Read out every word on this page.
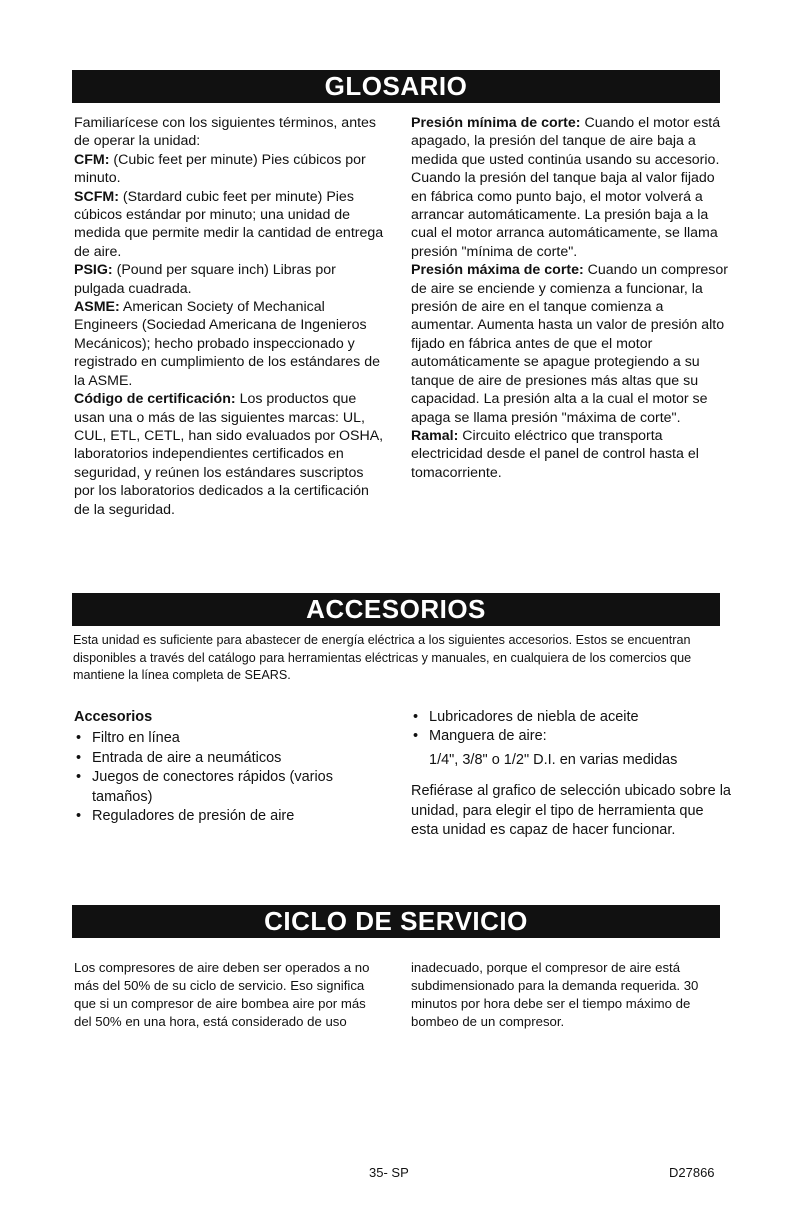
GLOSARIO

Familiarícese con los siguientes términos, antes de operar la unidad:

CFM: (Cubic feet per minute) Pies cúbicos por minuto.

SCFM: (Stardard cubic feet per minute) Pies cúbicos estándar por minuto; una unidad de medida que permite medir la cantidad de entrega de aire.

PSIG: (Pound per square inch) Libras por pulgada cuadrada.

ASME: American Society of Mechanical Engineers (Sociedad Americana de Ingenieros Mecánicos); hecho probado inspeccionado y registrado en cumplimiento de los estándares de la ASME.

Código de certificación: Los productos que usan una o más de las siguientes marcas: UL, CUL, ETL, CETL, han sido evaluados por OSHA, laboratorios independientes certificados en seguridad, y reúnen los estándares suscriptos por los laboratorios dedicados a la certificación de la seguridad.

Presión mínima de corte: Cuando el motor está apagado, la presión del tanque de aire baja a medida que usted continúa usando su accesorio. Cuando la presión del tanque baja al valor fijado en fábrica como punto bajo, el motor volverá a arrancar automáticamente. La presión baja a la cual el motor arranca automáticamente, se llama presión "mínima de corte".

Presión máxima de corte: Cuando un compresor de aire se enciende y comienza a funcionar, la presión de aire en el tanque comienza a aumentar. Aumenta hasta un valor de presión alto fijado en fábrica antes de que el motor automáticamente se apague protegiendo a su tanque de aire de presiones más altas que su capacidad. La presión alta a la cual el motor se apaga se llama presión "máxima de corte".

Ramal: Circuito eléctrico que transporta electricidad desde el panel de control hasta el tomacorriente.

ACCESORIOS

Esta unidad es suficiente para abastecer de energía eléctrica a los siguientes accesorios. Estos se encuentran disponibles a través del catálogo para herramientas eléctricas y manuales, en cualquiera de los comercios que mantiene la línea completa de SEARS.

Accesorios

• Filtro en línea
• Entrada de aire a neumáticos
• Juegos de conectores rápidos (varios tamaños)
• Reguladores de presión de aire
• Lubricadores de niebla de aceite
• Manguera de aire:

1/4", 3/8" o 1/2" D.I. en varias medidas

Refiérase al grafico de selección ubicado sobre la unidad, para elegir el tipo de herramienta que esta unidad es capaz de hacer funcionar.

CICLO DE SERVICIO

Los compresores de aire deben ser operados a no más del 50% de su ciclo de servicio. Eso significa que si un compresor de aire bombea aire por más del 50% en una hora, está considerado de uso

inadecuado, porque el compresor de aire está subdimensionado para la demanda requerida. 30 minutos por hora debe ser el tiempo máximo de bombeo de un compresor.

35- SP	D27866
